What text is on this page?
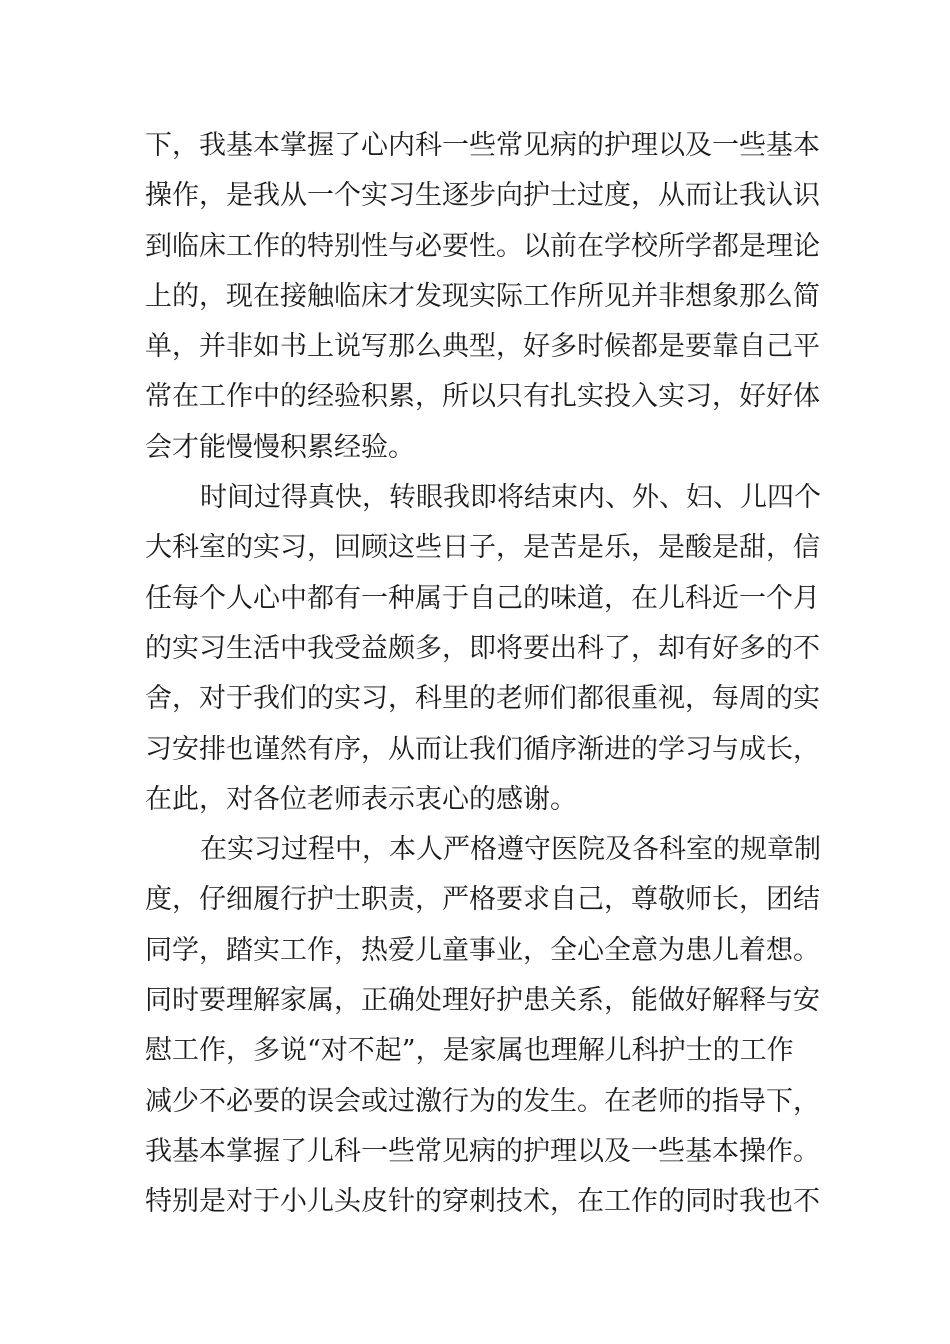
下，我基本掌握了心内科一些常见病的护理以及一些基本
操作，是我从一个实习生逐步向护士过度，从而让我认识
到临床工作的特别性与必要性。以前在学校所学都是理论
上的，现在接触临床才发现实际工作所见并非想象那么简
单，并非如书上说写那么典型，好多时候都是要靠自己平
常在工作中的经验积累，所以只有扎实投入实习，好好体
会才能慢慢积累经验。
时间过得真快，转眼我即将结束内、外、妇、儿四个
大科室的实习，回顾这些日子，是苦是乐，是酸是甜，信
任每个人心中都有一种属于自己的味道，在儿科近一个月
的实习生活中我受益颇多，即将要出科了，却有好多的不
舍，对于我们的实习，科里的老师们都很重视，每周的实
习安排也谨然有序，从而让我们循序渐进的学习与成长，
在此，对各位老师表示衷心的感谢。
在实习过程中，本人严格遵守医院及各科室的规章制
度，仔细履行护士职责，严格要求自己，尊敬师长，团结
同学，踏实工作，热爱儿童事业，全心全意为患儿着想。
同时要理解家属，正确处理好护患关系，能做好解释与安
慰工作，多说“对不起”，是家属也理解儿科护士的工作
减少不必要的误会或过激行为的发生。在老师的指导下，
我基本掌握了儿科一些常见病的护理以及一些基本操作。
特别是对于小儿头皮针的穿刺技术，在工作的同时我也不
